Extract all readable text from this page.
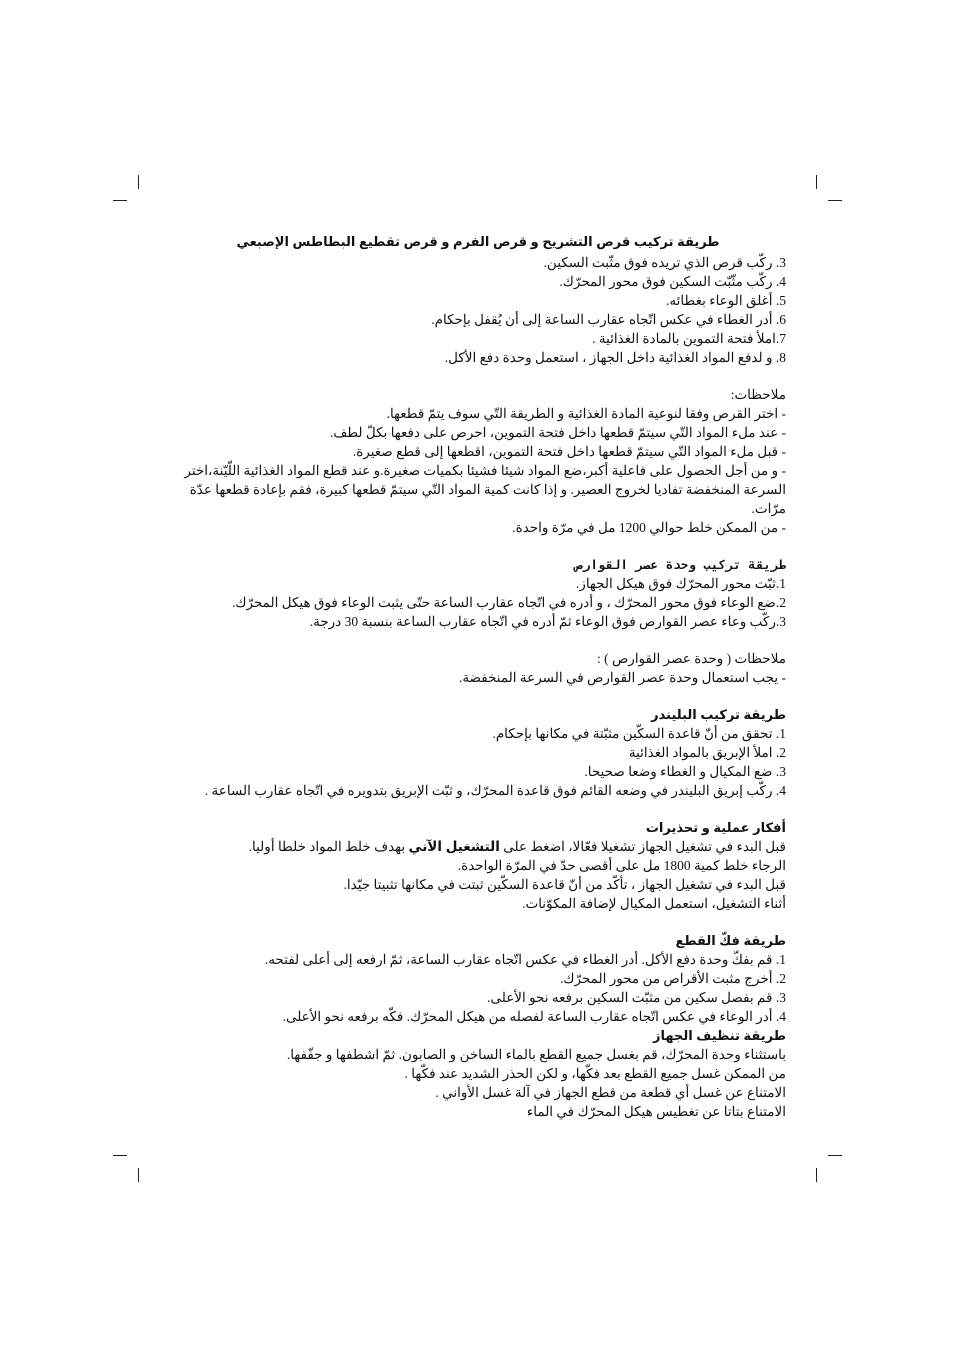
طريقة تركيب قرص التشريح و قرص الفرم و قرص تقطيع البطاطس الإصبعي
3. ركّب قرص الذي تريده فوق مثّبت السكين.
4. ركّب مثّبّت السكين فوق محور المحرّك.
5. أغلق الوعاء بغطائه.
6. أدر الغطاء في عكس اتّجاه عقارب الساعة إلى أن يُقفل بإحكام.
7.املأ فتحة التموين بالمادة الغذائية .
8. و لدفع المواد الغذائية داخل الجهاز ، استعمل وحدة دفع الأكل.
ملاحظات:
- اختر القرص وفقا لنوعية المادة الغذائية و الطريقة التّي سوف يتمّ قطعها.
- عند ملء المواد التّي سيتمّ قطعها داخل فتحة التموين، احرص على دفعها بكلّ لطف.
- قبل ملء المواد التّي سيتمّ قطعها داخل فتحة التموين، اقطعها إلى قطع صغيرة.
- و من أجل الحصول على فاعلية أكبر،ضع المواد شيئا فشيئا بكميات صغيرة.و عند قطع المواد الغذائية اللّيّنة،اختر السرعة المنخفضة تفاديا لخروج العصير. و إذا كانت كمية المواد التّي سيتمّ قطعها كبيرة، فقم بإعادة قطعها عدّة مرّات.
- من الممكن خلط حوالي 1200 مل في مرّة واحدة.
طريقة تركيب وحدة عصر القوارص
1.ثبّت محور المحرّك فوق هيكل الجهاز.
2.ضع الوعاء فوق محور المحرّك ، و أدره في اتّجاه عقارب الساعة حتّى يثبت الوعاء فوق هيكل المحرّك.
3.ركّب وعاء عصر القوارص فوق الوعاء ثمّ أدره في اتّجاه عقارب الساعة بنسبة 30 درجة.
ملاحظات ( وحدة عصر القوارص ) :
- يجب استعمال وحدة عصر القوارص في السرعة المنخفضة.
طريقة تركيب البليندر
1. تحقق من أنّ قاعدة السكّين مثبّتة في مكانها بإحكام.
2. املأ الإبريق بالمواد الغذائية
3. ضع المكيال و الغطاء وضعا صحيحا.
4. ركّب إبريق البليندر في وضعه القائم فوق قاعدة المحرّك، و ثبّت الإبريق بتدويره في اتّجاه عقارب الساعة .
أفكار عملية و تحذيرات
قبل البدء في تشغيل الجهاز تشغيلا فعّالا، اضغط على التشغيل الآني بهدف خلط المواد خلطا أوليا.
الرجاء خلط كمية 1800 مل على أقصى حدّ في المرّة الواحدة.
قبل البدء في تشغيل الجهاز ، تأكّد من أنّ قاعدة السكّين ثبتت في مكانها تثبيتا جيّدا.
أثناء التشغيل، استعمل المكيال لإضافة المكوّنات.
طريقة فكّ القطع
1. قم بفكّ وحدة دفع الأكل. أدر الغطاء في عكس اتّجاه عقارب الساعة، ثمّ ارفعه إلى أعلى لفتحه.
2. أخرج مثبت الأقراص من محور المحرّك.
3. قم بفصل سكين من مثبّت السكين برفعه نحو الأعلى.
4. أدر الوعاء في عكس اتّجاه عقارب الساعة لفصله من هيكل المحرّك. فكّه برفعه نحو الأعلى.
طريقة تنظيف الجهاز
باستثناء وحدة المحرّك، قم بغسل جميع القطع بالماء الساخن و الصابون. ثمّ اشطفها و جفّفها.
من الممكن غسل جميع القطع بعد فكّها، و لكن الحذر الشديد عند فكّها .
الامتناع عن غسل أي قطعة من قطع الجهاز في آلة غسل الأواني .
الامتناع بتاتا عن تغطيس هيكل المحرّك في الماء
